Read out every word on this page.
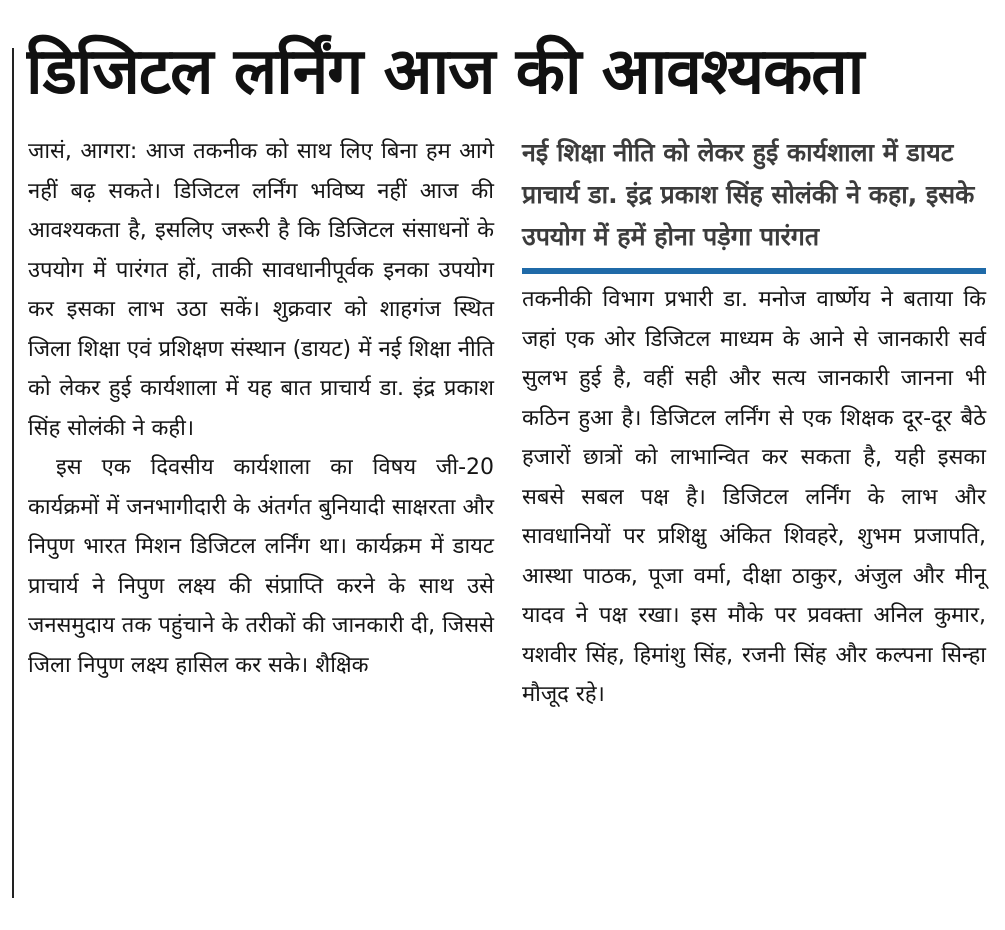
डिजिटल लर्निंग आज की आवश्यकता

जासं, आगरा: आज तकनीक को साथ लिए बिना हम आगे नहीं बढ़ सकते। डिजिटल लर्निंग भविष्य नहीं आज की आवश्यकता है, इसलिए जरूरी है कि डिजिटल संसाधनों के उपयोग में पारंगत हों, ताकी सावधानीपूर्वक इनका उपयोग कर इसका लाभ उठा सकें। शुक्रवार को शाहगंज स्थित जिला शिक्षा एवं प्रशिक्षण संस्थान (डायट) में नई शिक्षा नीति को लेकर हुई कार्यशाला में यह बात प्राचार्य डा. इंद्र प्रकाश सिंह सोलंकी ने कही।

इस एक दिवसीय कार्यशाला का विषय जी-20 कार्यक्रमों में जनभागीदारी के अंतर्गत बुनियादी साक्षरता और निपुण भारत मिशन डिजिटल लर्निंग था। कार्यक्रम में डायट प्राचार्य ने निपुण लक्ष्य की संप्राप्ति करने के साथ उसे जनसमुदाय तक पहुंचाने के तरीकों की जानकारी दी, जिससे जिला निपुण लक्ष्य हासिल कर सके। शैक्षिक

नई शिक्षा नीति को लेकर हुई कार्यशाला में डायट प्राचार्य डा. इंद्र प्रकाश सिंह सोलंकी ने कहा, इसके उपयोग में हमें होना पड़ेगा पारंगत

तकनीकी विभाग प्रभारी डा. मनोज वार्ष्णेय ने बताया कि जहां एक ओर डिजिटल माध्यम के आने से जानकारी सर्व सुलभ हुई है, वहीं सही और सत्य जानकारी जानना भी कठिन हुआ है। डिजिटल लर्निंग से एक शिक्षक दूर-दूर बैठे हजारों छात्रों को लाभान्वित कर सकता है, यही इसका सबसे सबल पक्ष है। डिजिटल लर्निंग के लाभ और सावधानियों पर प्रशिक्षु अंकित शिवहरे, शुभम प्रजापति, आस्था पाठक, पूजा वर्मा, दीक्षा ठाकुर, अंजुल और मीनू यादव ने पक्ष रखा। इस मौके पर प्रवक्ता अनिल कुमार, यशवीर सिंह, हिमांशु सिंह, रजनी सिंह और कल्पना सिन्हा मौजूद रहे।
